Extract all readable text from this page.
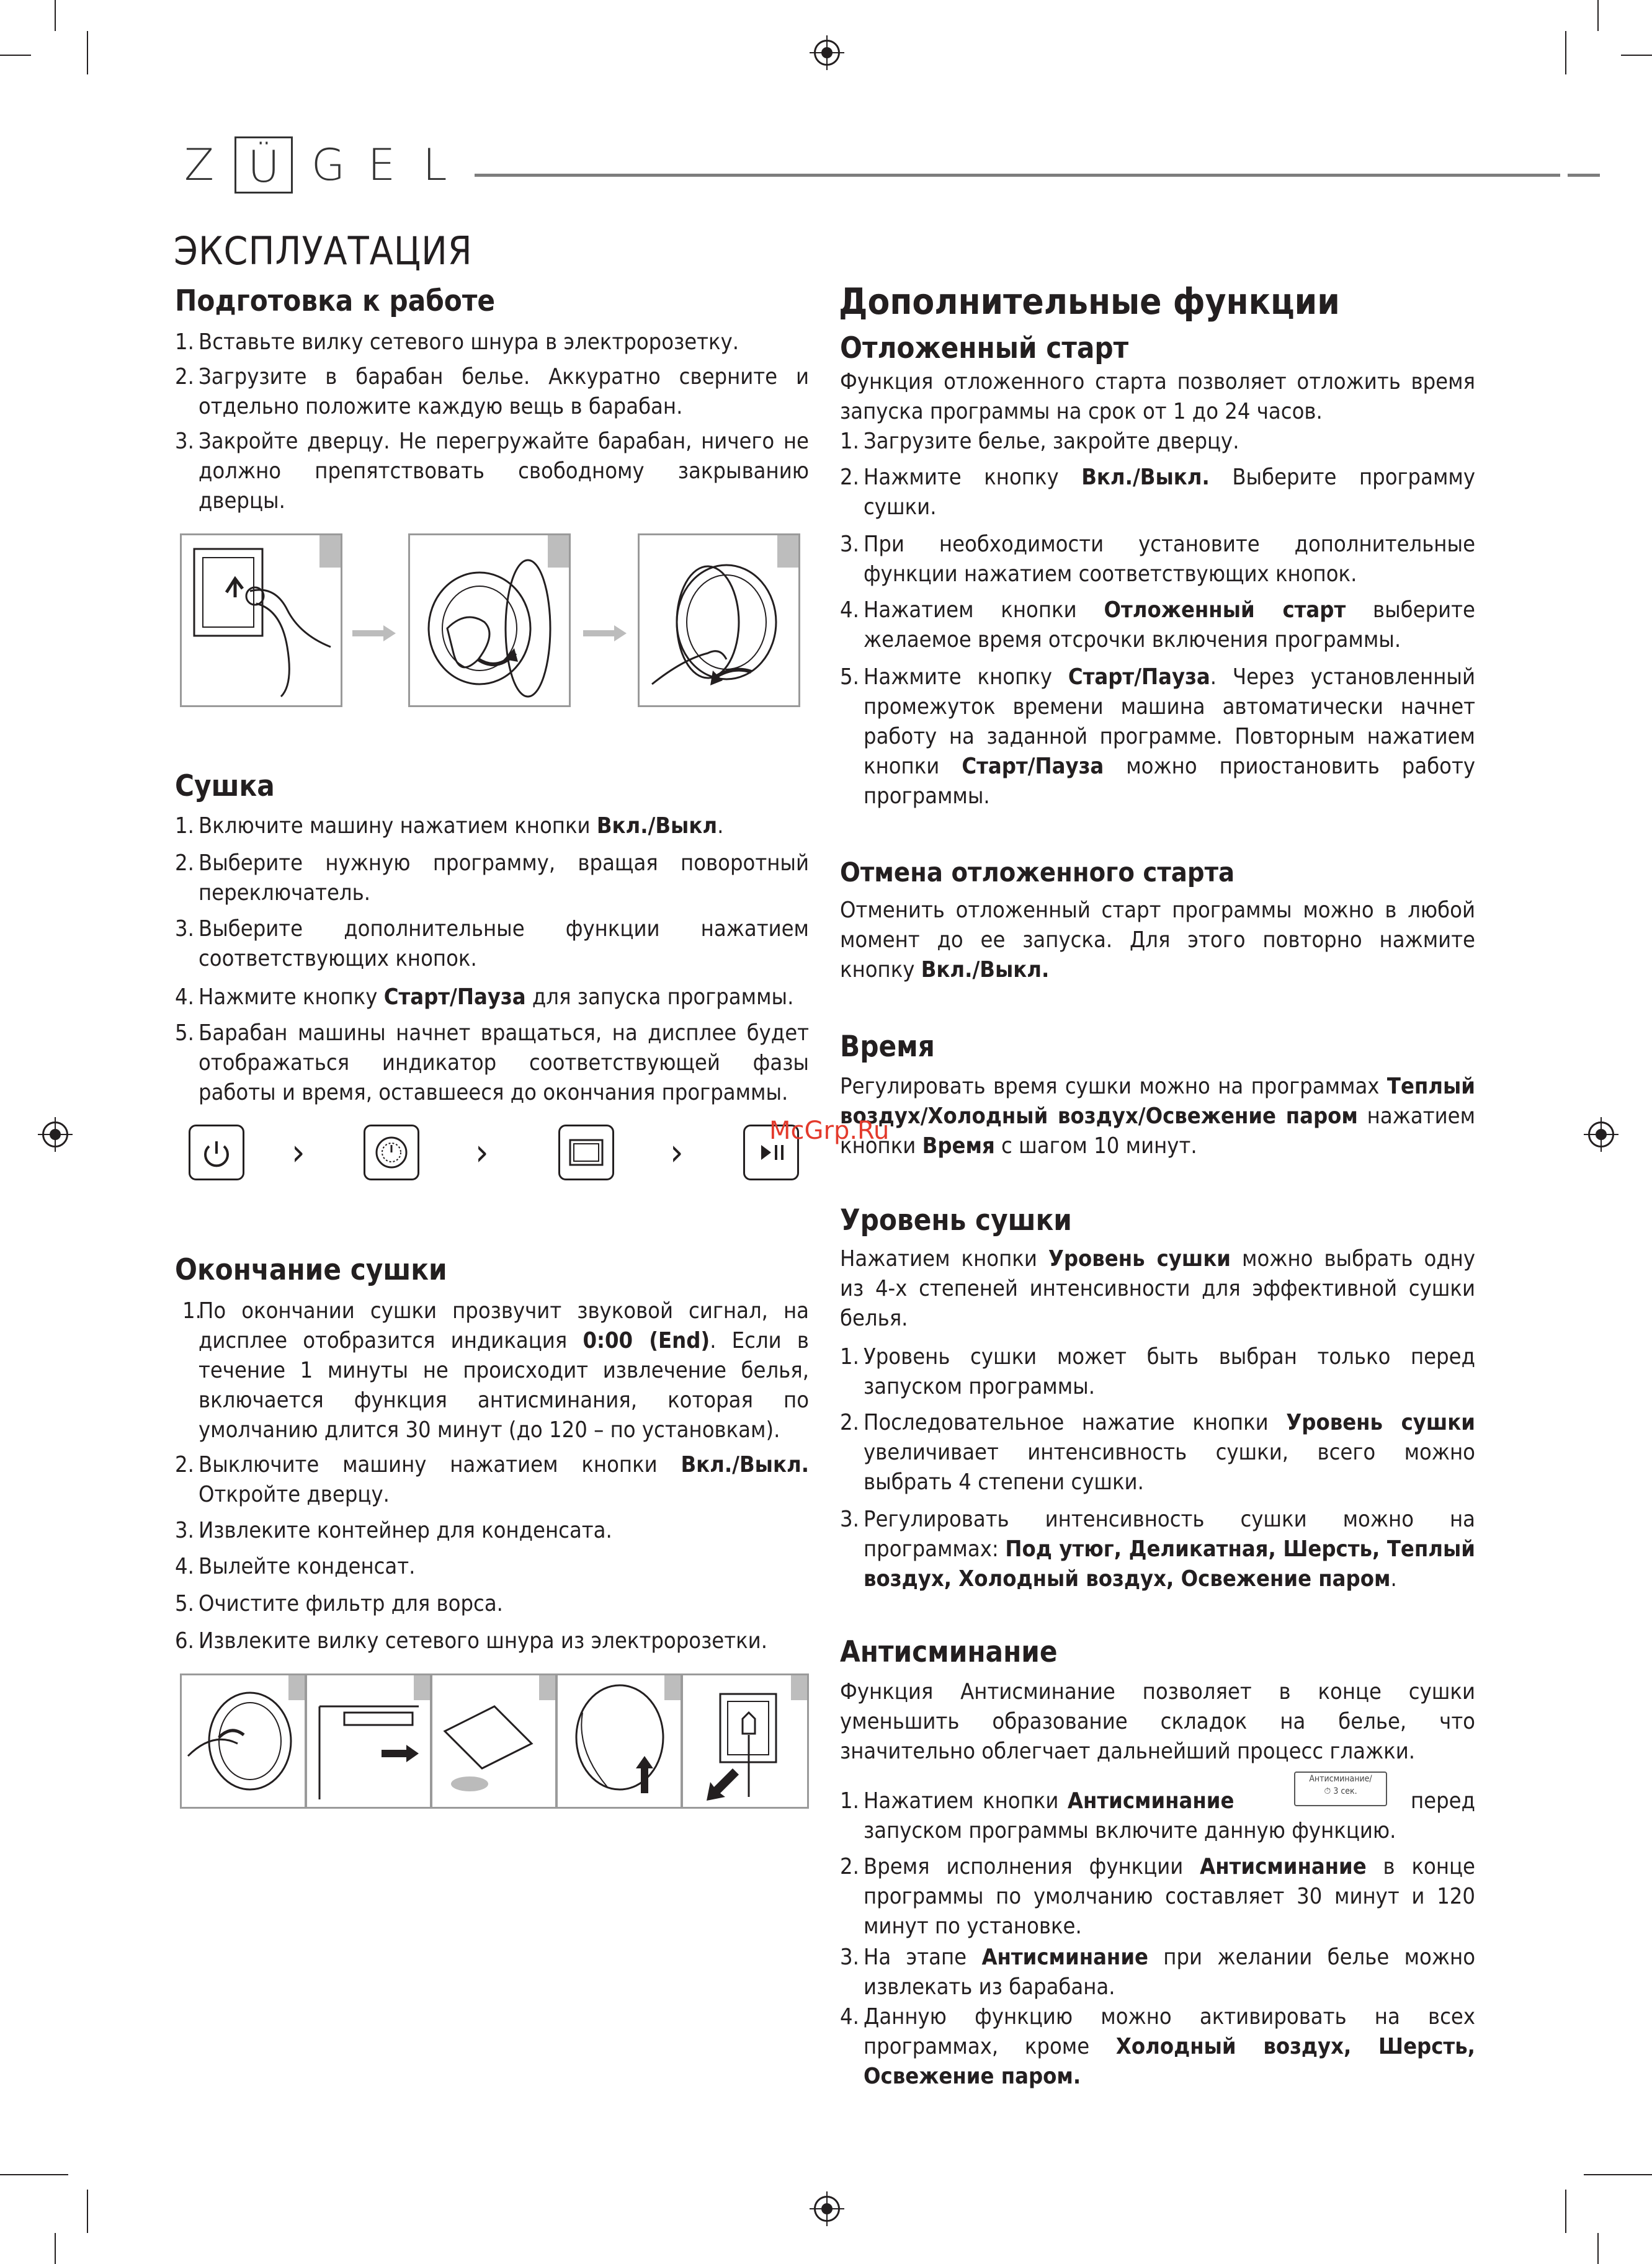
Z Ü G E L
ЭКСПЛУАТАЦИЯ
Подготовка к работе
1. Вставьте вилку сетевого шнура в электророзетку.
2. Загрузите в барабан белье. Аккуратно сверните и отдельно положите каждую вещь в барабан.
3. Закройте дверцу. Не перегружайте барабан, ничего не должно препятствовать свободному закрыванию дверцы.
Сушка
1. Включите машину нажатием кнопки Вкл./Выкл.
2. Выберите нужную программу, вращая поворотный переключатель.
3. Выберите дополнительные функции нажатием соответствующих кнопок.
4. Нажмите кнопку Старт/Пауза для запуска программы.
5. Барабан машины начнет вращаться, на дисплее будет отображаться индикатор соответствующей фазы работы и время, оставшееся до окончания программы.
›	›	›
Окончание сушки
1.
По окончании сушки прозвучит звуковой сигнал, на дисплее отобразится индикация 0:00 (End). Если в течение 1 минуты не происходит извлечение белья, включается функция антисминания, которая по умолчанию длится 30 минут (до 120 – по установкам).
2. Выключите машину нажатием кнопки Вкл./Выкл. Откройте дверцу.
3. Извлеките контейнер для конденсата.
4. Вылейте конденсат.
5. Очистите фильтр для ворса.
6. Извлеките вилку сетевого шнура из электророзетки.
Дополнительные функции
Отложенный старт
Функция отложенного старта позволяет отложить время запуска программы на срок от 1 до 24 часов.
1. Загрузите белье, закройте дверцу.
2. Нажмите кнопку Вкл./Выкл. Выберите программу сушки.
3. При необходимости установите дополнительные функции нажатием соответствующих кнопок.
4. Нажатием кнопки Отложенный старт выберите желаемое время отсрочки включения программы.
5. Нажмите кнопку Старт/Пауза. Через установленный промежуток времени машина автоматически начнет работу на заданной программе. Повторным нажатием кнопки Старт/Пауза можно приостановить работу программы.
Отмена отложенного старта
Отменить отложенный старт программы можно в любой момент до ее запуска. Для этого повторно нажмите кнопку Вкл./Выкл.
Время
Регулировать время сушки можно на программах Теплый воздух/Холодный воздух/Освежение паром нажатием кнопки Время с шагом 10 минут.
McGrp.Ru
Уровень сушки
Нажатием кнопки Уровень сушки можно выбрать одну из 4-х степеней интенсивности для эффективной сушки белья.
1. Уровень сушки может быть выбран только перед запуском программы.
2. Последовательное нажатие кнопки Уровень сушки увеличивает интенсивность сушки, всего можно выбрать 4 степени сушки.
3. Регулировать интенсивность сушки можно на программах: Под утюг, Деликатная, Шерсть, Теплый воздух, Холодный воздух, Освежение паром.
Антисминание
Функция Антисминание позволяет в конце сушки уменьшить образование складок на белье, что значительно облегчает дальнейший процесс глажки.
1. Нажатием кнопки Антисминание	перед запуском программы включите данную функцию.
Антисминание/
⏱ 3 сек.
2. Время исполнения функции Антисминание в конце программы по умолчанию составляет 30 минут и 120 минут по установке.
3. На этапе Антисминание при желании белье можно извлекать из барабана.
4. Данную функцию можно активировать на всех программах, кроме Холодный воздух, Шерсть, Освежение паром.
